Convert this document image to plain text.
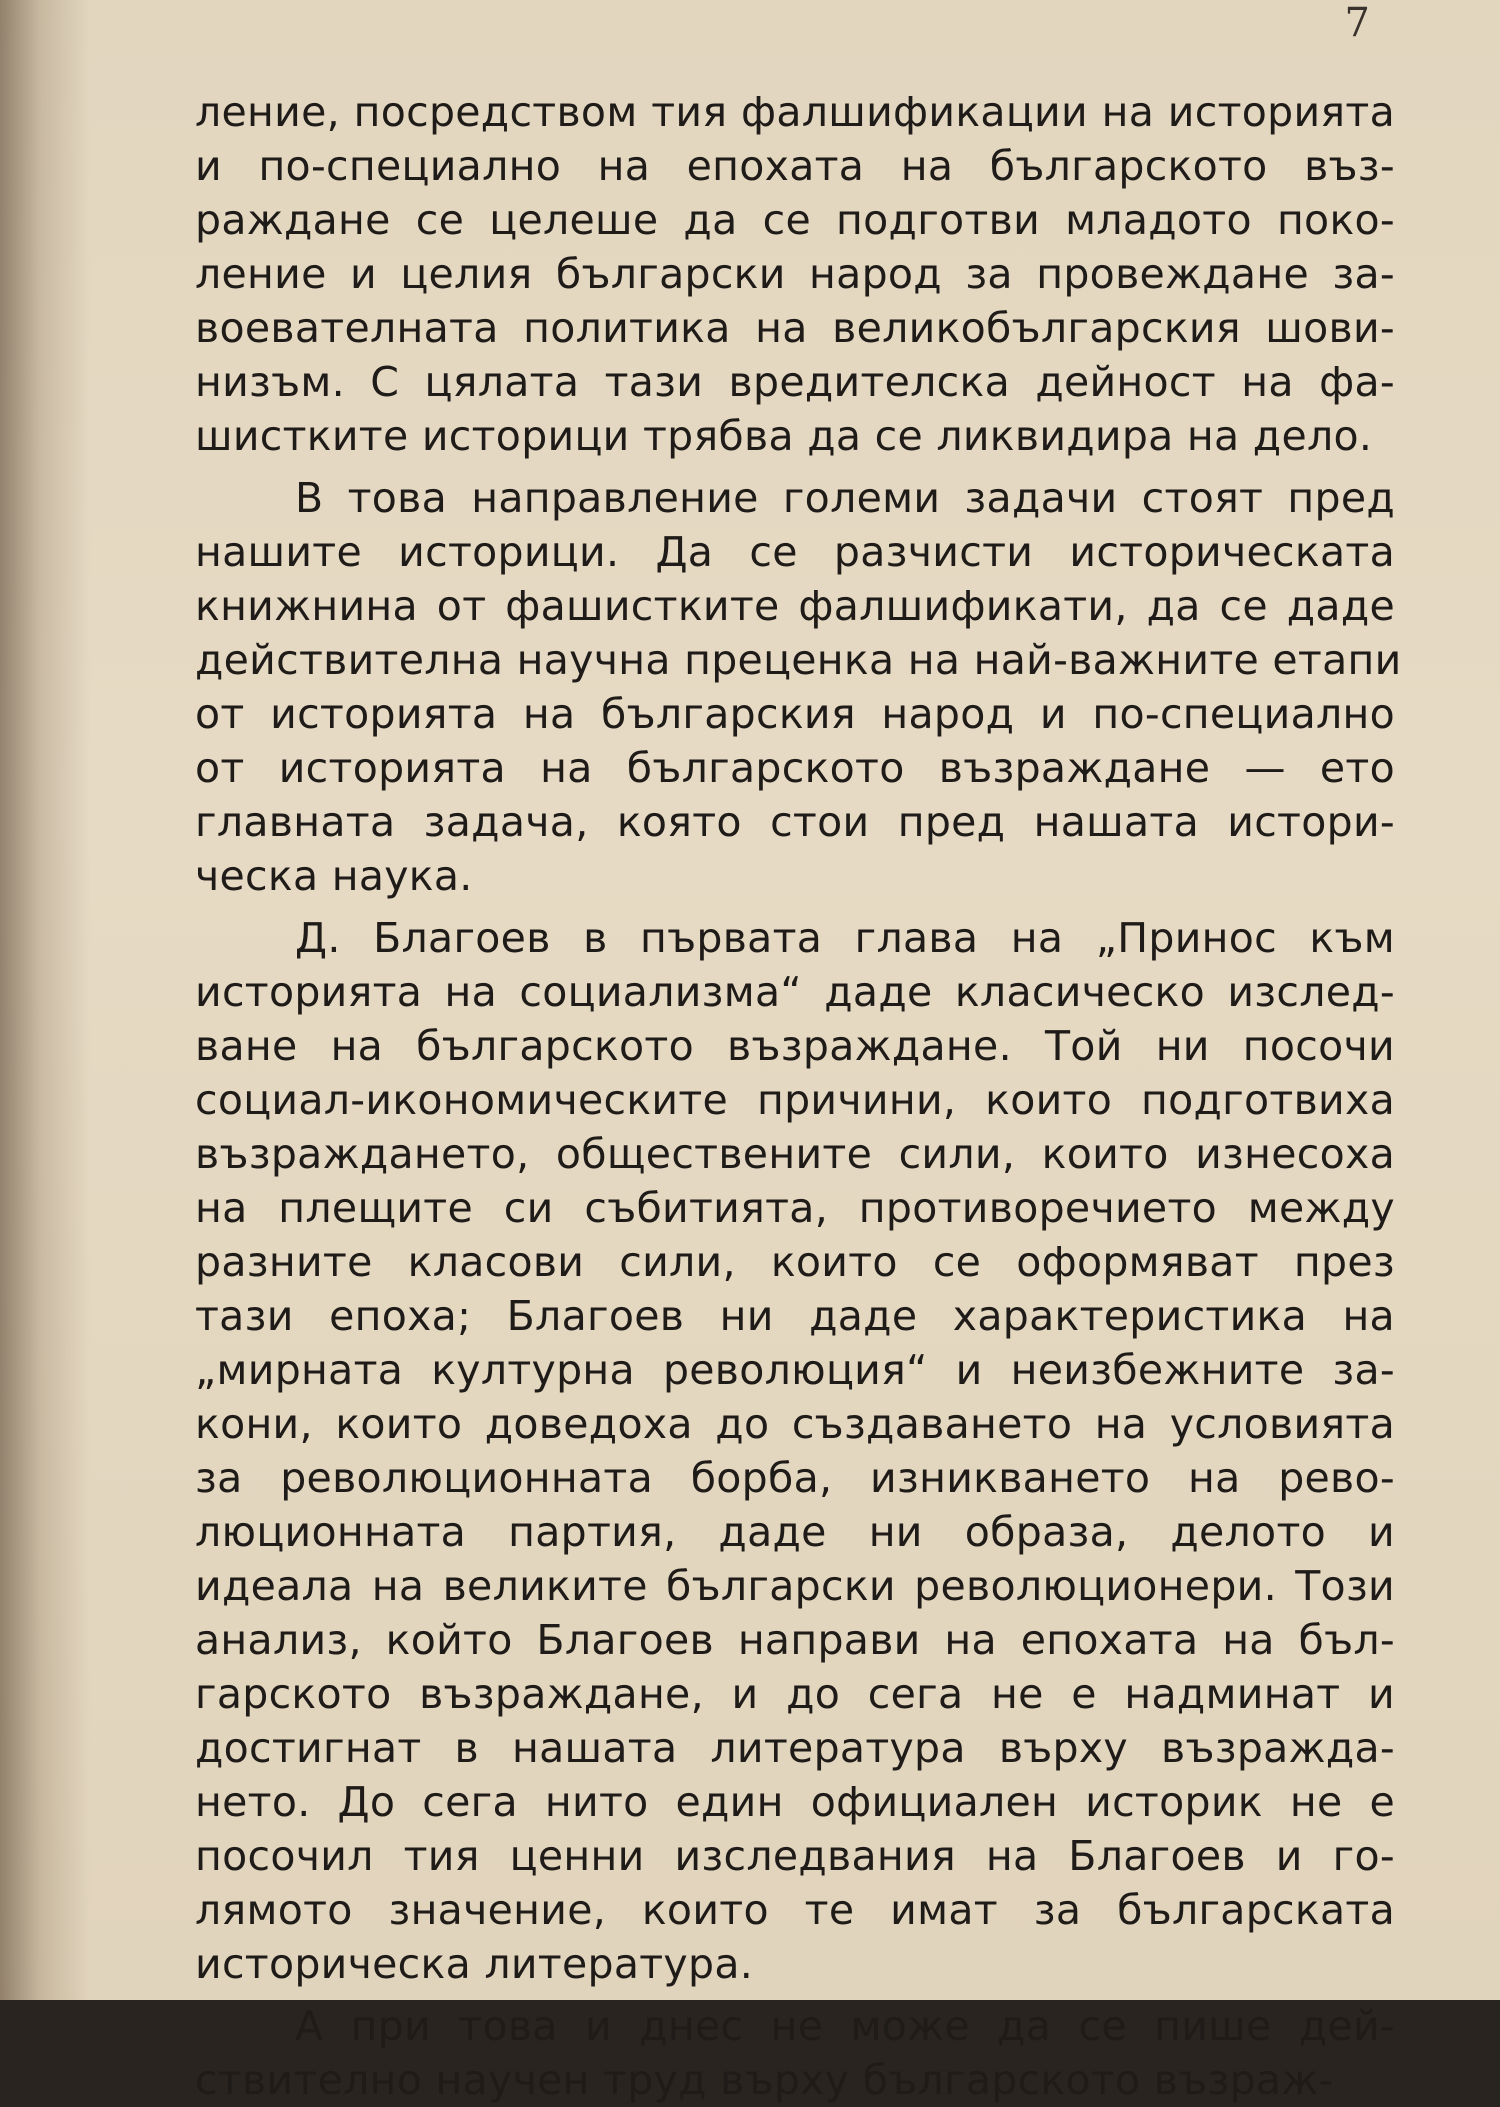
7
ление, посредством тия фалшификации на историята
и по-специално на епохата на българското въз-
раждане се целеше да се подготви младото поко-
ление и целия български народ за провеждане за-
воевателната политика на великобългарския шови-
низъм. С цялата тази вредителска дейност на фа-
шистките историци трябва да се ликвидира на дело.
В това направление големи задачи стоят пред
нашите историци. Да се разчисти историческата
книжнина от фашистките фалшификати, да се даде
действителна научна преценка на най-важните етапи
от историята на българския народ и по-специално
от историята на българското възраждане — ето
главната задача, която стои пред нашата истори-
ческа наука.
Д. Благоев в първата глава на „Принос към
историята на социализма“ даде класическо изслед-
ване на българското възраждане. Той ни посочи
социал-икономическите причини, които подготвиха
възраждането, обществените сили, които изнесоха
на плещите си събитията, противоречието между
разните класови сили, които се оформяват през
тази епоха; Благоев ни даде характеристика на
„мирната културна революция“ и неизбежните за-
кони, които доведоха до създаването на условията
за революционната борба, изникването на рево-
люционната партия, даде ни образа, делото и
идеала на великите български революционери. Този
анализ, който Благоев направи на епохата на бъл-
гарското възраждане, и до сега не е надминат и
достигнат в нашата литература върху възражда-
нето. До сега нито един официален историк не е
посочил тия ценни изследвания на Благоев и го-
лямото значение, които те имат за българската
историческа литература.
А при това и днес не може да се пише дей-
ствително научен труд върху българското възраж-
